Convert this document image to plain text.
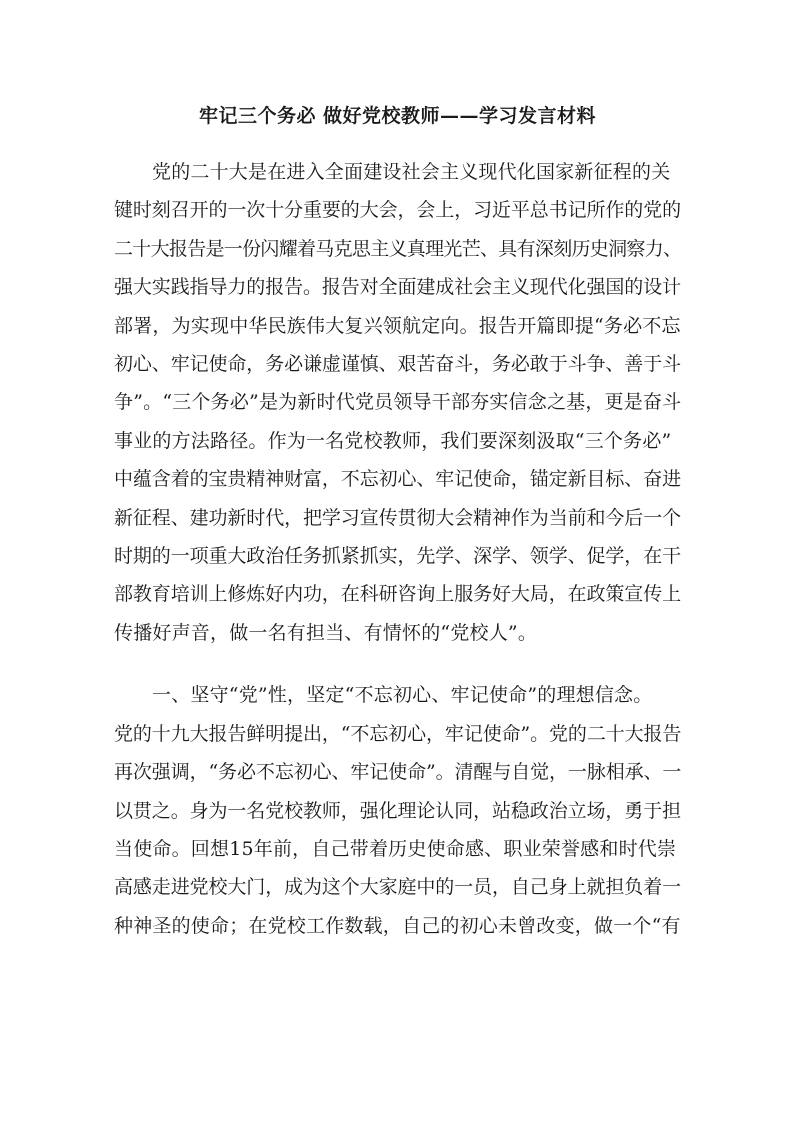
牢记三个务必 做好党校教师——学习发言材料
党的二十大是在进入全面建设社会主义现代化国家新征程的关
键时刻召开的一次十分重要的大会，会上，习近平总书记所作的党的
二十大报告是一份闪耀着马克思主义真理光芒、具有深刻历史洞察力、
强大实践指导力的报告。报告对全面建成社会主义现代化强国的设计
部署，为实现中华民族伟大复兴领航定向。报告开篇即提“务必不忘
初心、牢记使命，务必谦虚谨慎、艰苦奋斗，务必敢于斗争、善于斗
争”。“三个务必”是为新时代党员领导干部夯实信念之基，更是奋斗
事业的方法路径。作为一名党校教师，我们要深刻汲取“三个务必”
中蕴含着的宝贵精神财富，不忘初心、牢记使命，锚定新目标、奋进
新征程、建功新时代，把学习宣传贯彻大会精神作为当前和今后一个
时期的一项重大政治任务抓紧抓实，先学、深学、领学、促学，在干
部教育培训上修炼好内功，在科研咨询上服务好大局，在政策宣传上
传播好声音，做一名有担当、有情怀的“党校人”。
一、坚守“党”性，坚定“不忘初心、牢记使命”的理想信念。
党的十九大报告鲜明提出，“不忘初心，牢记使命”。党的二十大报告
再次强调，“务必不忘初心、牢记使命”。清醒与自觉，一脉相承、一
以贯之。身为一名党校教师，强化理论认同，站稳政治立场，勇于担
当使命。回想15年前，自己带着历史使命感、职业荣誉感和时代崇
高感走进党校大门，成为这个大家庭中的一员，自己身上就担负着一
种神圣的使命；在党校工作数载，自己的初心未曾改变，做一个“有
